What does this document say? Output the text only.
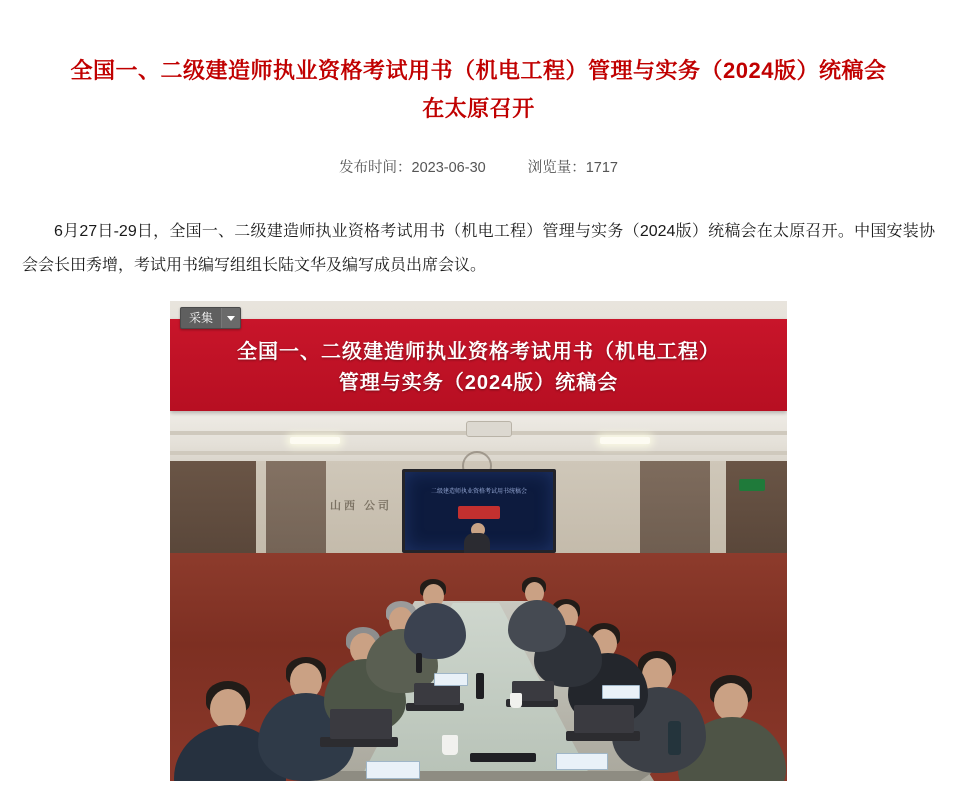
全国一、二级建造师执业资格考试用书（机电工程）管理与实务（2024版）统稿会在太原召开
发布时间：2023-06-30	浏览量：1717

6月27日-29日，全国一、二级建造师执业资格考试用书（机电工程）管理与实务（2024版）统稿会在太原召开。中国安装协会会长田秀增，考试用书编写组组长陆文华及编写成员出席会议。

山西 公司
二级建造师执业资格考试用书统稿会
全国一、二级建造师执业资格考试用书（机电工程）
管理与实务（2024版）统稿会
采集
